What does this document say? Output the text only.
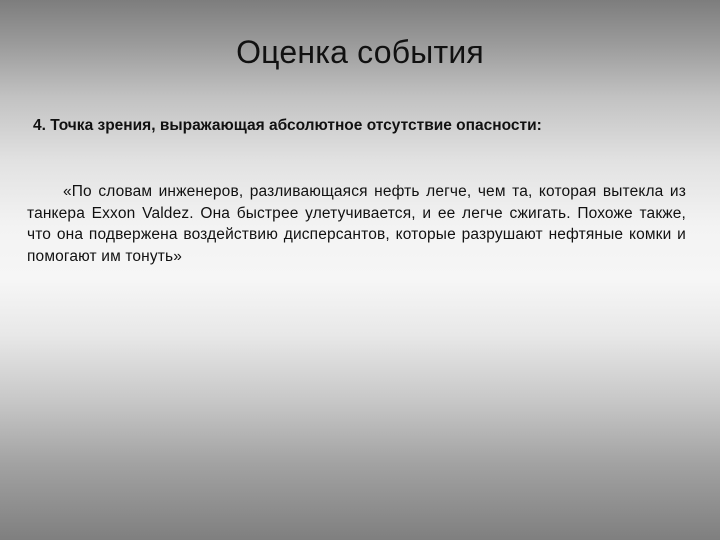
Оценка события

4. Точка зрения, выражающая абсолютное отсутствие опасности:

«По словам инженеров, разливающаяся нефть легче, чем та, которая вытекла из танкера Exxon Valdez. Она быстрее улетучивается, и ее легче сжигать. Похоже также, что она подвержена воздействию дисперсантов, которые разрушают нефтяные комки и помогают им тонуть»
